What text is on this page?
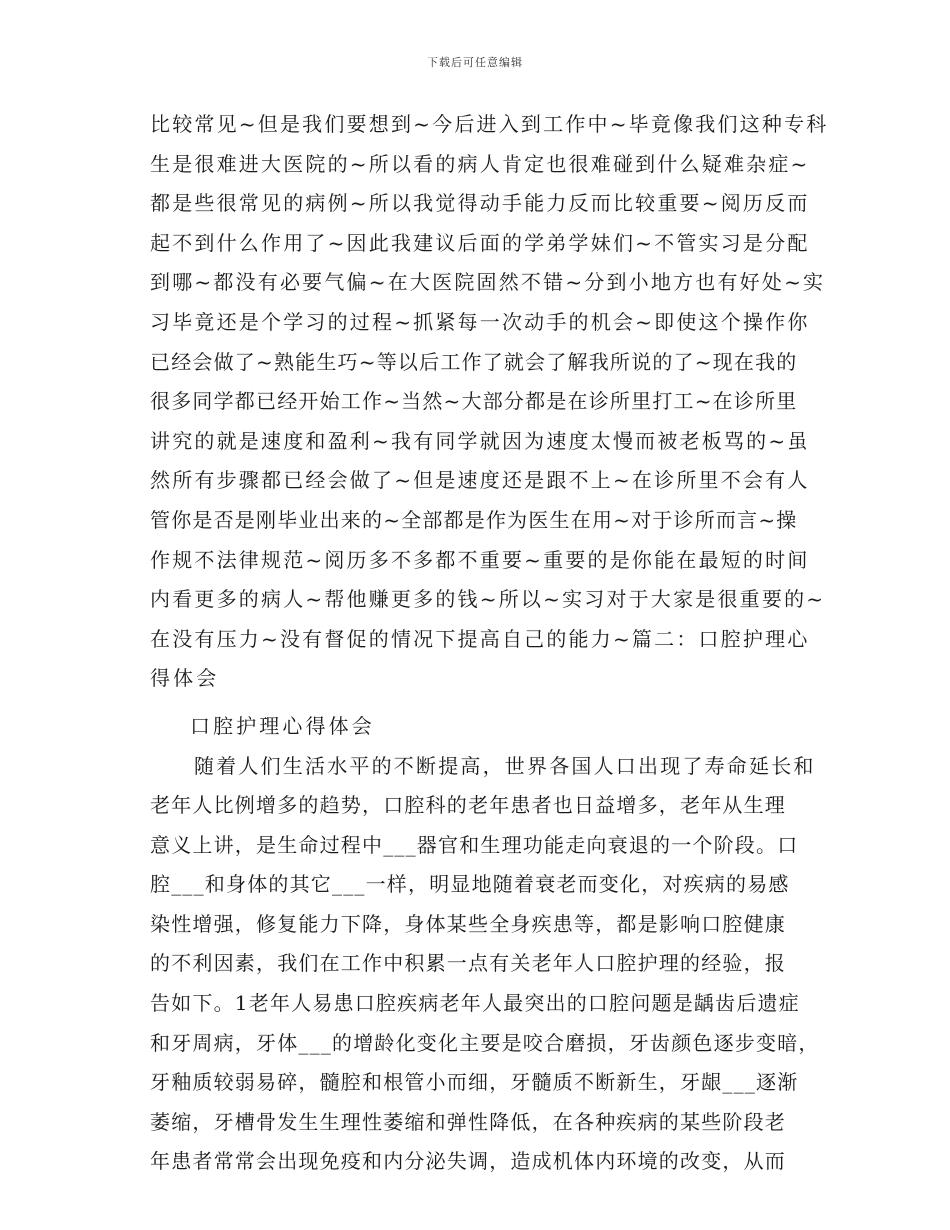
下载后可任意编辑
比较常见~但是我们要想到~今后进入到工作中~毕竟像我们这种专科
生是很难进大医院的~所以看的病人肯定也很难碰到什么疑难杂症~
都是些很常见的病例~所以我觉得动手能力反而比较重要~阅历反而
起不到什么作用了~因此我建议后面的学弟学妹们~不管实习是分配
到哪~都没有必要气偏~在大医院固然不错~分到小地方也有好处~实
习毕竟还是个学习的过程~抓紧每一次动手的机会~即使这个操作你
已经会做了~熟能生巧~等以后工作了就会了解我所说的了~现在我的
很多同学都已经开始工作~当然~大部分都是在诊所里打工~在诊所里
讲究的就是速度和盈利~我有同学就因为速度太慢而被老板骂的~虽
然所有步骤都已经会做了~但是速度还是跟不上~在诊所里不会有人
管你是否是刚毕业出来的~全部都是作为医生在用~对于诊所而言~操
作规不法律规范~阅历多不多都不重要~重要的是你能在最短的时间
内看更多的病人~帮他赚更多的钱~所以~实习对于大家是很重要的~
在没有压力~没有督促的情况下提高自己的能力~篇二：口腔护理心
得体会
口腔护理心得体会
随着人们生活水平的不断提高，世界各国人口出现了寿命延长和
老年人比例增多的趋势，口腔科的老年患者也日益增多，老年从生理
意义上讲，是生命过程中___器官和生理功能走向衰退的一个阶段。口
腔___和身体的其它___一样，明显地随着衰老而变化，对疾病的易感
染性增强，修复能力下降，身体某些全身疾患等，都是影响口腔健康
的不利因素，我们在工作中积累一点有关老年人口腔护理的经验，报
告如下。1老年人易患口腔疾病老年人最突出的口腔问题是龋齿后遗症
和牙周病，牙体___的增龄化变化主要是咬合磨损，牙齿颜色逐步变暗，
牙釉质较弱易碎，髓腔和根管小而细，牙髓质不断新生，牙龈___逐渐
萎缩，牙槽骨发生生理性萎缩和弹性降低，在各种疾病的某些阶段老
年患者常常会出现免疫和内分泌失调，造成机体内环境的改变，从而
